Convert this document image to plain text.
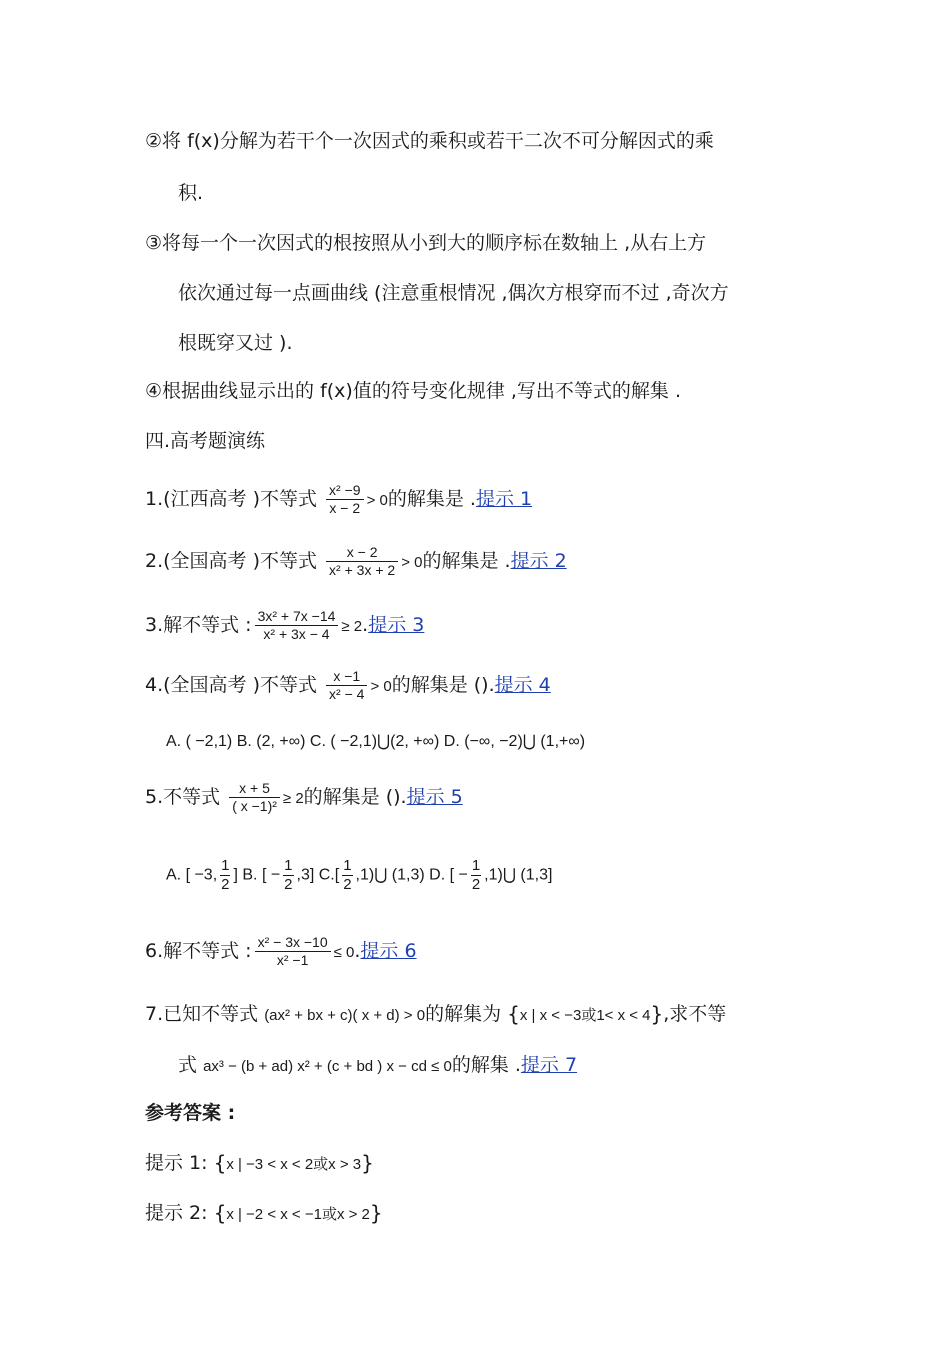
②将 f(x)分解为若干个一次因式的乘积或若干二次不可分解因式的乘
积.
③将每一个一次因式的根按照从小到大的顺序标在数轴上 ,从右上方
依次通过每一点画曲线 (注意重根情况 ,偶次方根穿而不过 ,奇次方
根既穿又过 ).
④根据曲线显示出的 f(x)值的符号变化规律 ,写出不等式的解集 .
四.高考题演练
1.(江西高考 )不等式 $\frac{\text{x² −9}}{x - 2} > 0$的解集是 .提示 1
2.(全国高考 )不等式 $\frac{x - 2}{\text{x² + 3x + 2}} > 0$的解集是 .提示 2
3.解不等式 : $\frac{\text{3x² + 7x −14}}{\text{x² + 3x − 4}} \ge 2$.提示 3
4.(全国高考 )不等式 $\frac{x -1}{\text{x² − 4}} > 0$的解集是 ().提示 4
A. ( −2,1) B. (2, +∞) C. ( −2,1)⋃(2, +∞) D. (−∞, −2)⋃ (1,+∞)
5.不等式 $\frac{x + 5}{\text{( x −1)²}} \ge 2$的解集是 ().提示 5
A. [ −3, $\frac{1}{2}$ ] B. [ − $\frac{1}{2} ,3$] $C.[ \frac{1}{2}$ ,1)⋃ (1,3) D. [ − $\frac{1}{2}$ ,1)⋃ (1,3]
6.解不等式 : $\frac{\text{x² − 3x −10}}{\text{x² −1}} \le 0$.提示 6
7.已知不等式 (ax² + bx + c)( x + d) > 0的解集为 {x | x < −3或1< x < 4},求不等
式 ax³ − (b + ad) x² + (c + bd ) x − cd ≤ 0的解集 .提示 7
参考答案 :
提示 1: {x | −3 < x < 2或x > 3}
提示 2: {x | −2 < x < −1或x > 2}
